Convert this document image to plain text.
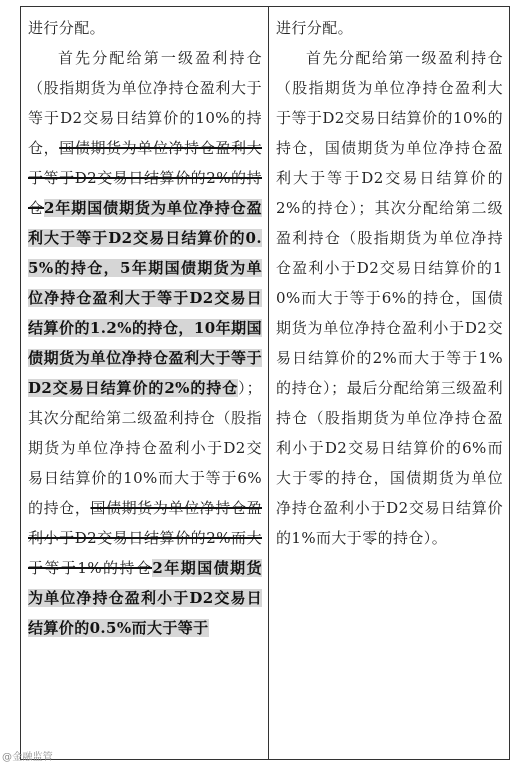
进行分配。

首先分配给第一级盈利持仓（股指期货为单位净持仓盈利大于等于D2交易日结算价的10%的持仓，国债期货为单位净持仓盈利大于等于D2交易日结算价的2%的持仓2年期国债期货为单位净持仓盈利大于等于D2交易日结算价的0.5%的持仓，5年期国债期货为单位净持仓盈利大于等于D2交易日结算价的1.2%的持仓，10年期国债期货为单位净持仓盈利大于等于D2交易日结算价的2%的持仓）；其次分配给第二级盈利持仓（股指期货为单位净持仓盈利小于D2交易日结算价的10%而大于等于6%的持仓，国债期货为单位净持仓盈利小于D2交易日结算价的2%而大于等于1%的持仓2年期国债期货为单位净持仓盈利小于D2交易日结算价的0.5%而大于等于

进行分配。

首先分配给第一级盈利持仓（股指期货为单位净持仓盈利大于等于D2交易日结算价的10%的持仓，国债期货为单位净持仓盈利大于等于D2交易日结算价的2%的持仓）；其次分配给第二级盈利持仓（股指期货为单位净持仓盈利小于D2交易日结算价的10%而大于等于6%的持仓，国债期货为单位净持仓盈利小于D2交易日结算价的2%而大于等于1%的持仓）；最后分配给第三级盈利持仓（股指期货为单位净持仓盈利小于D2交易日结算价的6%而大于零的持仓，国债期货为单位净持仓盈利小于D2交易日结算价的1%而大于零的持仓）。

@金融监管
